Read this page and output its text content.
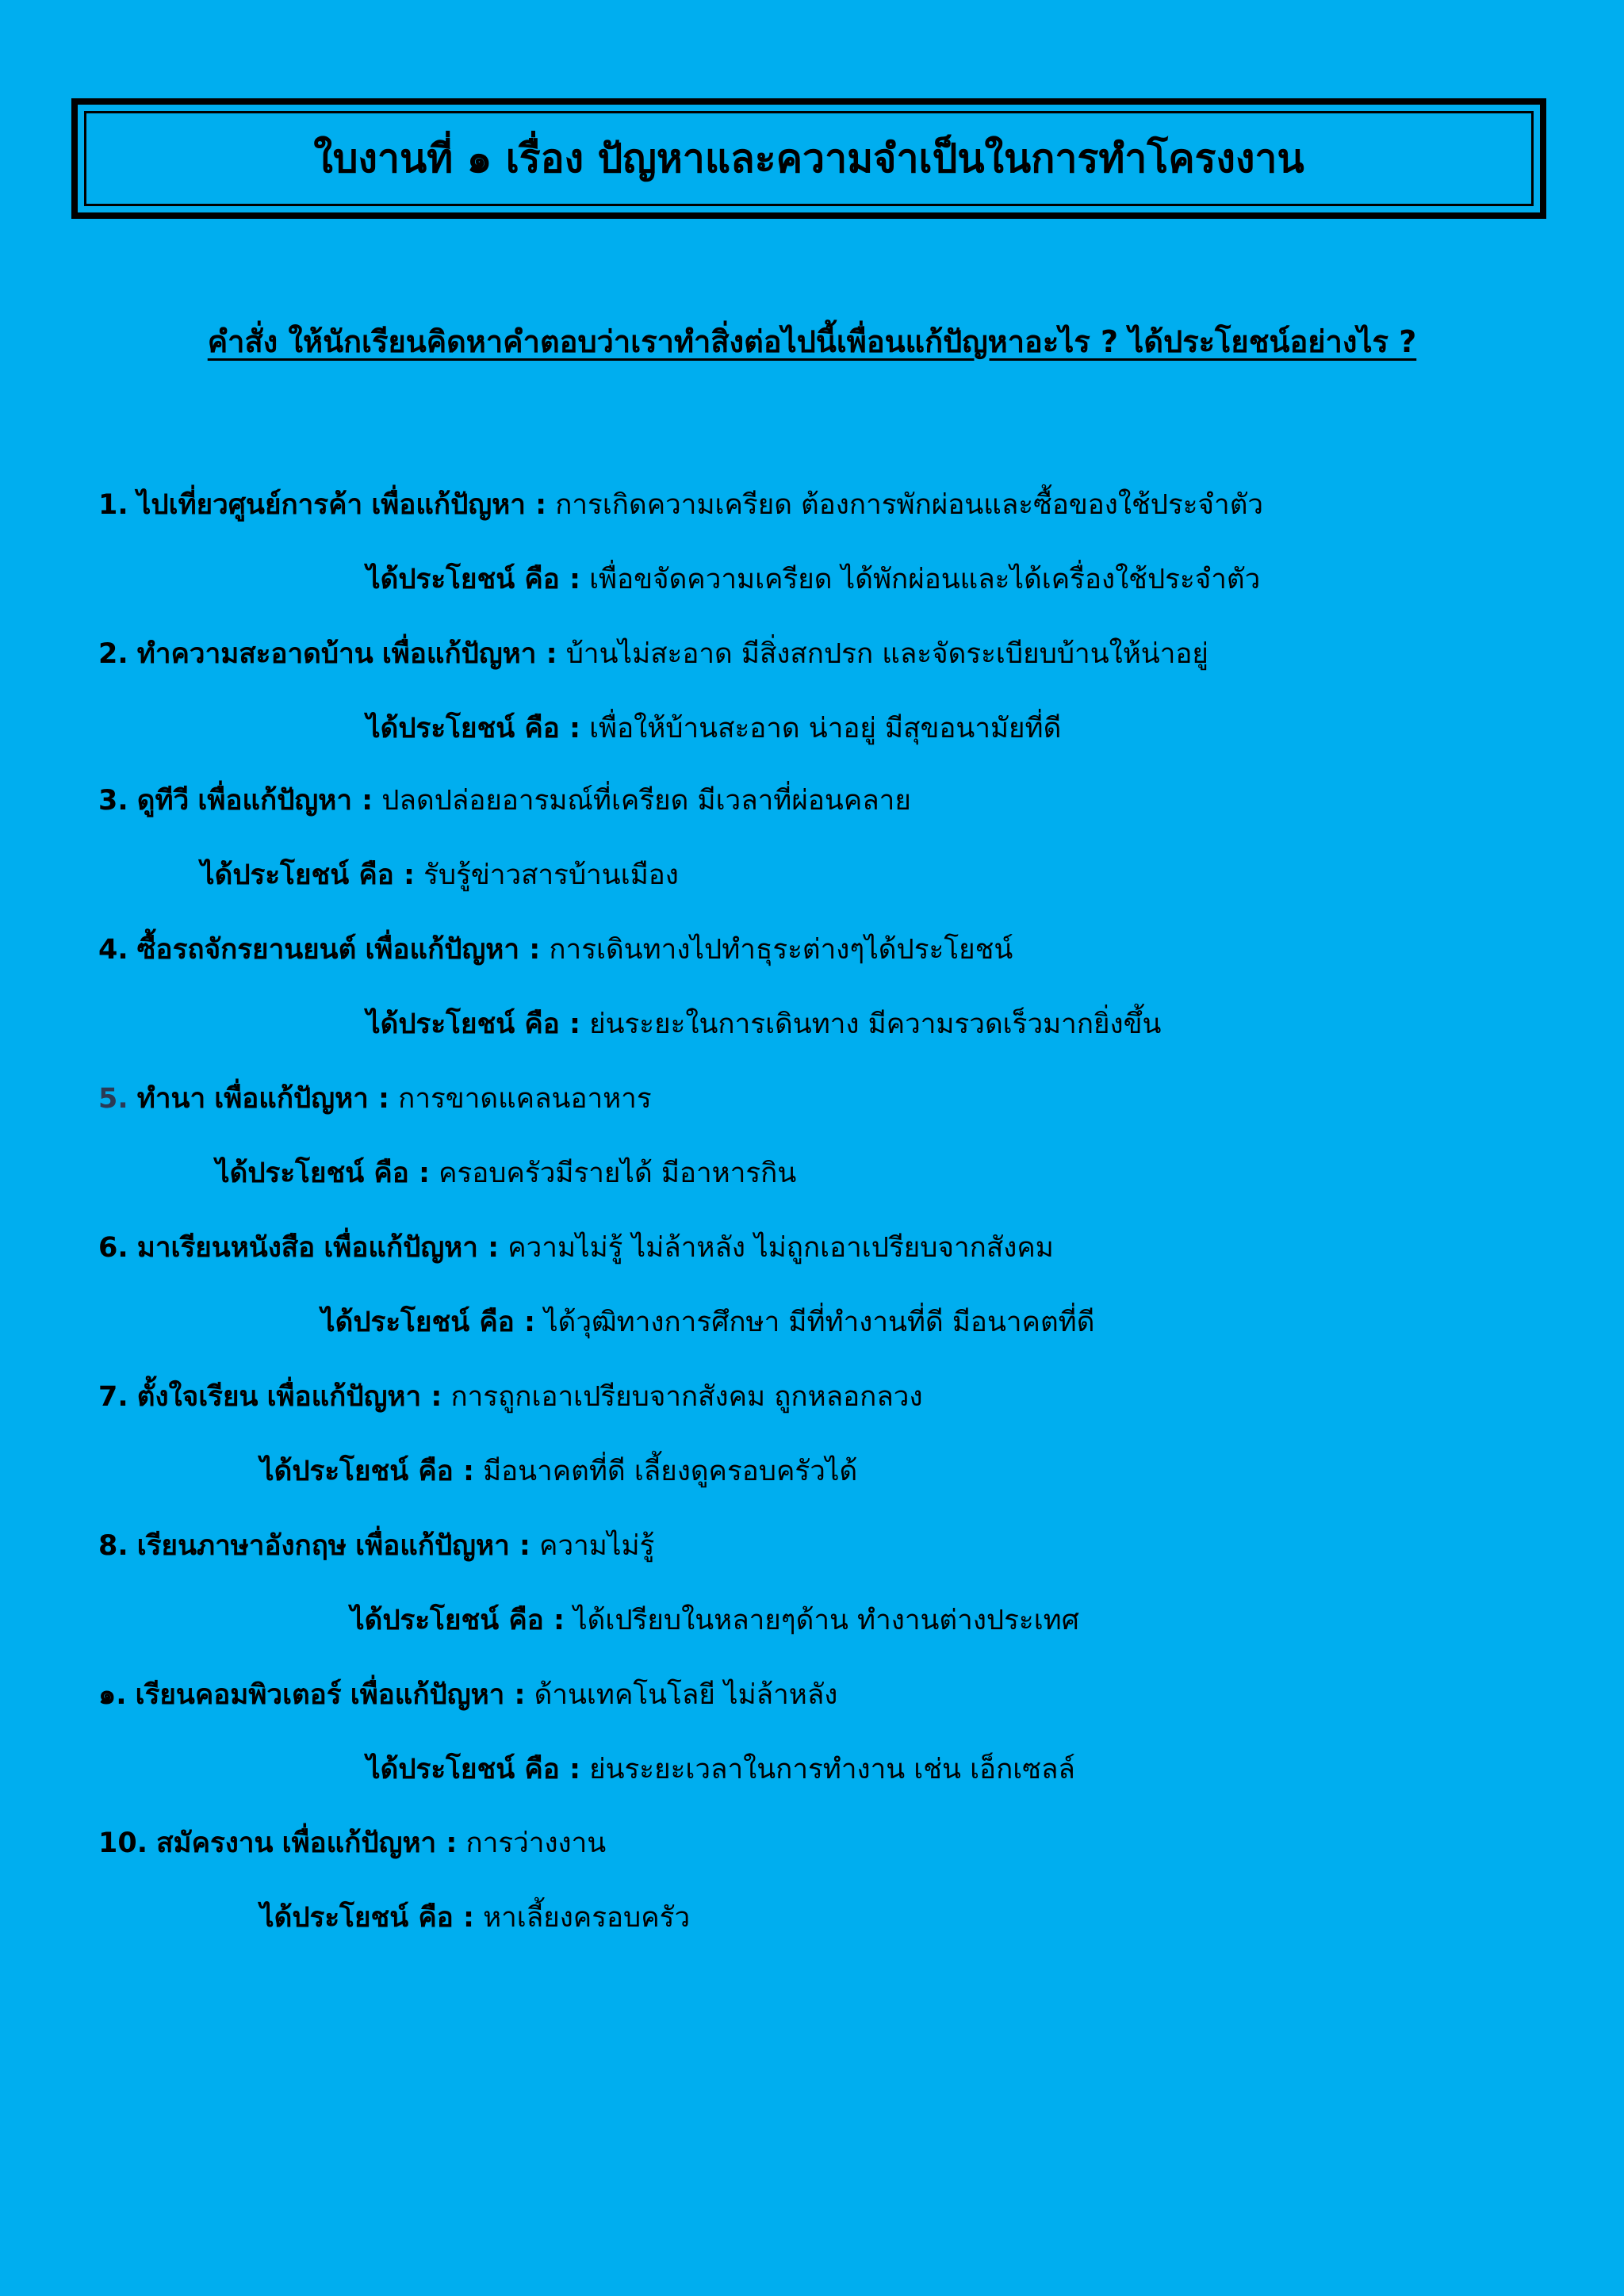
ใบงานที่ ๑ เรื่อง ปัญหาและความจำเป็นในการทำโครงงาน
คำสั่ง ให้นักเรียนคิดหาคำตอบว่าเราทำสิ่งต่อไปนี้เพื่อนแก้ปัญหาอะไร ? ได้ประโยชน์อย่างไร ?
1. ไปเที่ยวศูนย์การค้า เพื่อแก้ปัญหา : การเกิดความเครียด ต้องการพักผ่อนและซื้อของใช้ประจำตัว
ได้ประโยชน์ คือ : เพื่อขจัดความเครียด ได้พักผ่อนและได้เครื่องใช้ประจำตัว
2. ทำความสะอาดบ้าน เพื่อแก้ปัญหา : บ้านไม่สะอาด มีสิ่งสกปรก และจัดระเบียบบ้านให้น่าอยู่
ได้ประโยชน์ คือ : เพื่อให้บ้านสะอาด น่าอยู่ มีสุขอนามัยที่ดี
3. ดูทีวี เพื่อแก้ปัญหา : ปลดปล่อยอารมณ์ที่เครียด มีเวลาที่ผ่อนคลาย
ได้ประโยชน์ คือ : รับรู้ข่าวสารบ้านเมือง
4. ซื้อรถจักรยานยนต์ เพื่อแก้ปัญหา : การเดินทางไปทำธุระต่างๆได้ประโยชน์
ได้ประโยชน์ คือ : ย่นระยะในการเดินทาง มีความรวดเร็วมากยิ่งขึ้น
5. ทำนา เพื่อแก้ปัญหา : การขาดแคลนอาหาร
ได้ประโยชน์ คือ : ครอบครัวมีรายได้ มีอาหารกิน
6. มาเรียนหนังสือ เพื่อแก้ปัญหา : ความไม่รู้ ไม่ล้าหลัง ไม่ถูกเอาเปรียบจากสังคม
ได้ประโยชน์ คือ : ได้วุฒิทางการศึกษา มีที่ทำงานที่ดี มีอนาคตที่ดี
7. ตั้งใจเรียน เพื่อแก้ปัญหา : การถูกเอาเปรียบจากสังคม ถูกหลอกลวง
ได้ประโยชน์ คือ : มีอนาคตที่ดี เลี้ยงดูครอบครัวได้
8. เรียนภาษาอังกฤษ เพื่อแก้ปัญหา : ความไม่รู้
ได้ประโยชน์ คือ : ได้เปรียบในหลายๆด้าน ทำงานต่างประเทศ
๑. เรียนคอมพิวเตอร์ เพื่อแก้ปัญหา : ด้านเทคโนโลยี ไม่ล้าหลัง
ได้ประโยชน์ คือ : ย่นระยะเวลาในการทำงาน เช่น เอ็กเซลล์
10. สมัครงาน เพื่อแก้ปัญหา : การว่างงาน
ได้ประโยชน์ คือ : หาเลี้ยงครอบครัว
